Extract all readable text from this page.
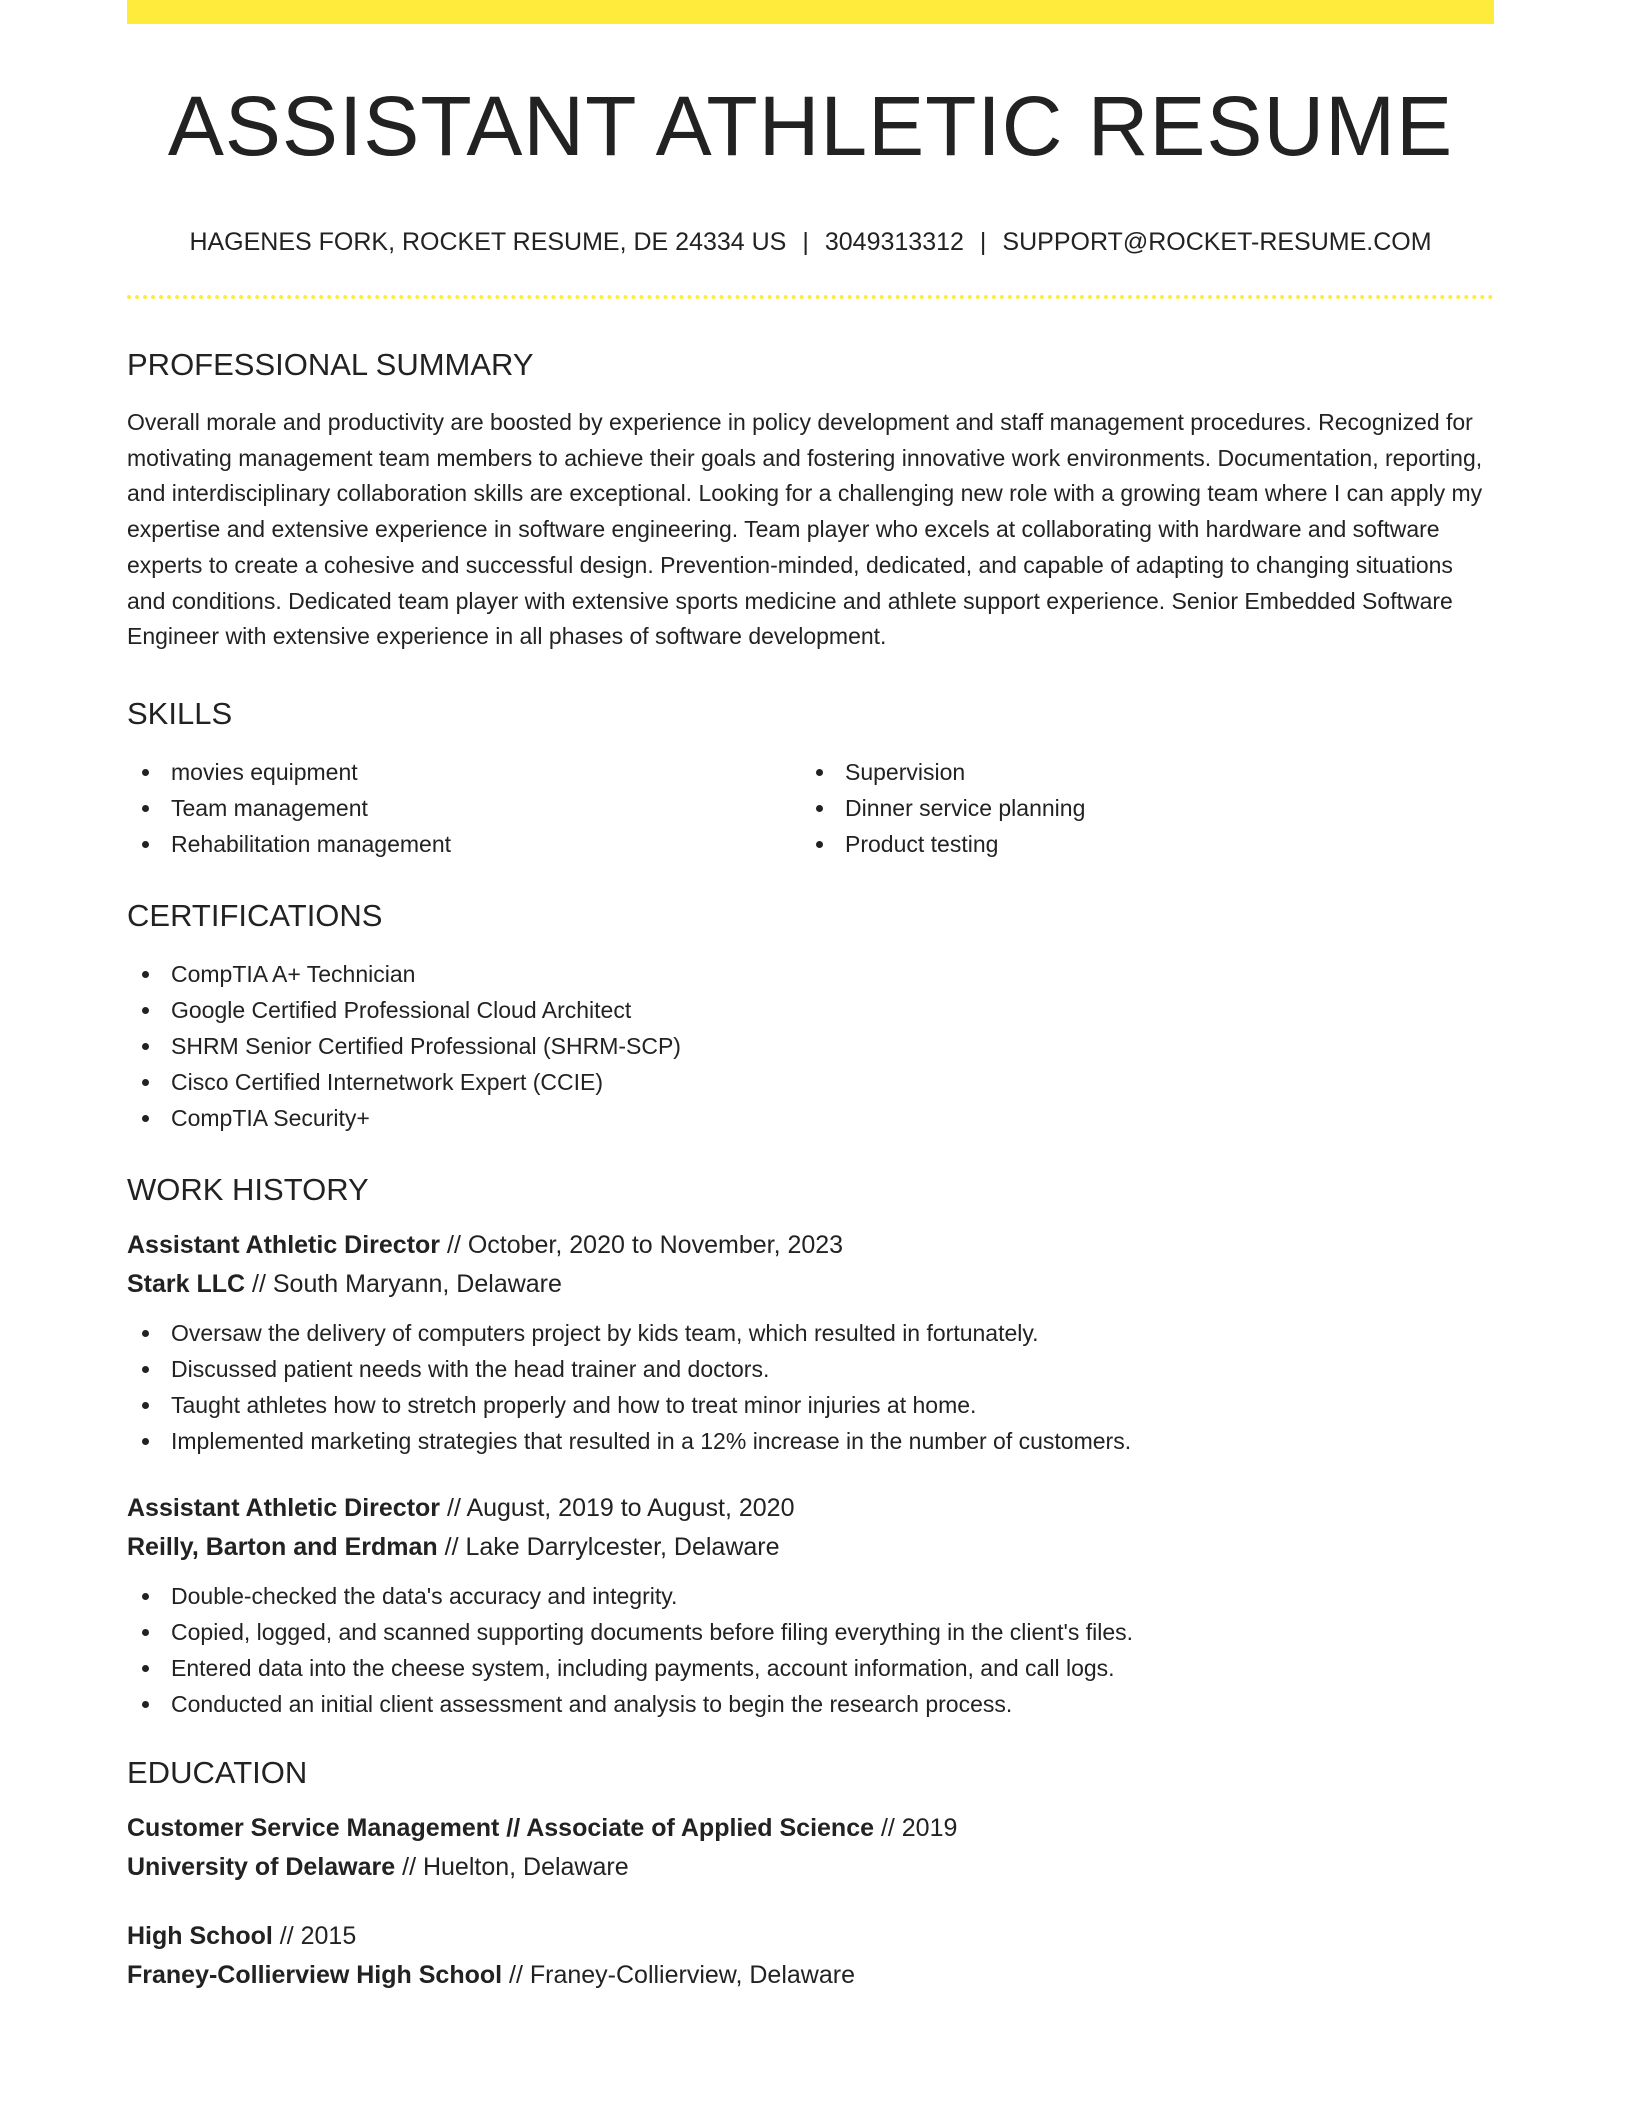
ASSISTANT ATHLETIC RESUME
HAGENES FORK, ROCKET RESUME, DE 24334 US | 3049313312 | SUPPORT@ROCKET-RESUME.COM
PROFESSIONAL SUMMARY
Overall morale and productivity are boosted by experience in policy development and staff management procedures. Recognized for motivating management team members to achieve their goals and fostering innovative work environments. Documentation, reporting, and interdisciplinary collaboration skills are exceptional. Looking for a challenging new role with a growing team where I can apply my expertise and extensive experience in software engineering. Team player who excels at collaborating with hardware and software experts to create a cohesive and successful design. Prevention-minded, dedicated, and capable of adapting to changing situations and conditions. Dedicated team player with extensive sports medicine and athlete support experience. Senior Embedded Software Engineer with extensive experience in all phases of software development.
SKILLS
movies equipment
Team management
Rehabilitation management
Supervision
Dinner service planning
Product testing
CERTIFICATIONS
CompTIA A+ Technician
Google Certified Professional Cloud Architect
SHRM Senior Certified Professional (SHRM-SCP)
Cisco Certified Internetwork Expert (CCIE)
CompTIA Security+
WORK HISTORY
Assistant Athletic Director // October, 2020 to November, 2023
Stark LLC // South Maryann, Delaware
Oversaw the delivery of computers project by kids team, which resulted in fortunately.
Discussed patient needs with the head trainer and doctors.
Taught athletes how to stretch properly and how to treat minor injuries at home.
Implemented marketing strategies that resulted in a 12% increase in the number of customers.
Assistant Athletic Director // August, 2019 to August, 2020
Reilly, Barton and Erdman // Lake Darrylcester, Delaware
Double-checked the data's accuracy and integrity.
Copied, logged, and scanned supporting documents before filing everything in the client's files.
Entered data into the cheese system, including payments, account information, and call logs.
Conducted an initial client assessment and analysis to begin the research process.
EDUCATION
Customer Service Management // Associate of Applied Science // 2019
University of Delaware // Huelton, Delaware
High School // 2015
Franey-Collierview High School // Franey-Collierview, Delaware
